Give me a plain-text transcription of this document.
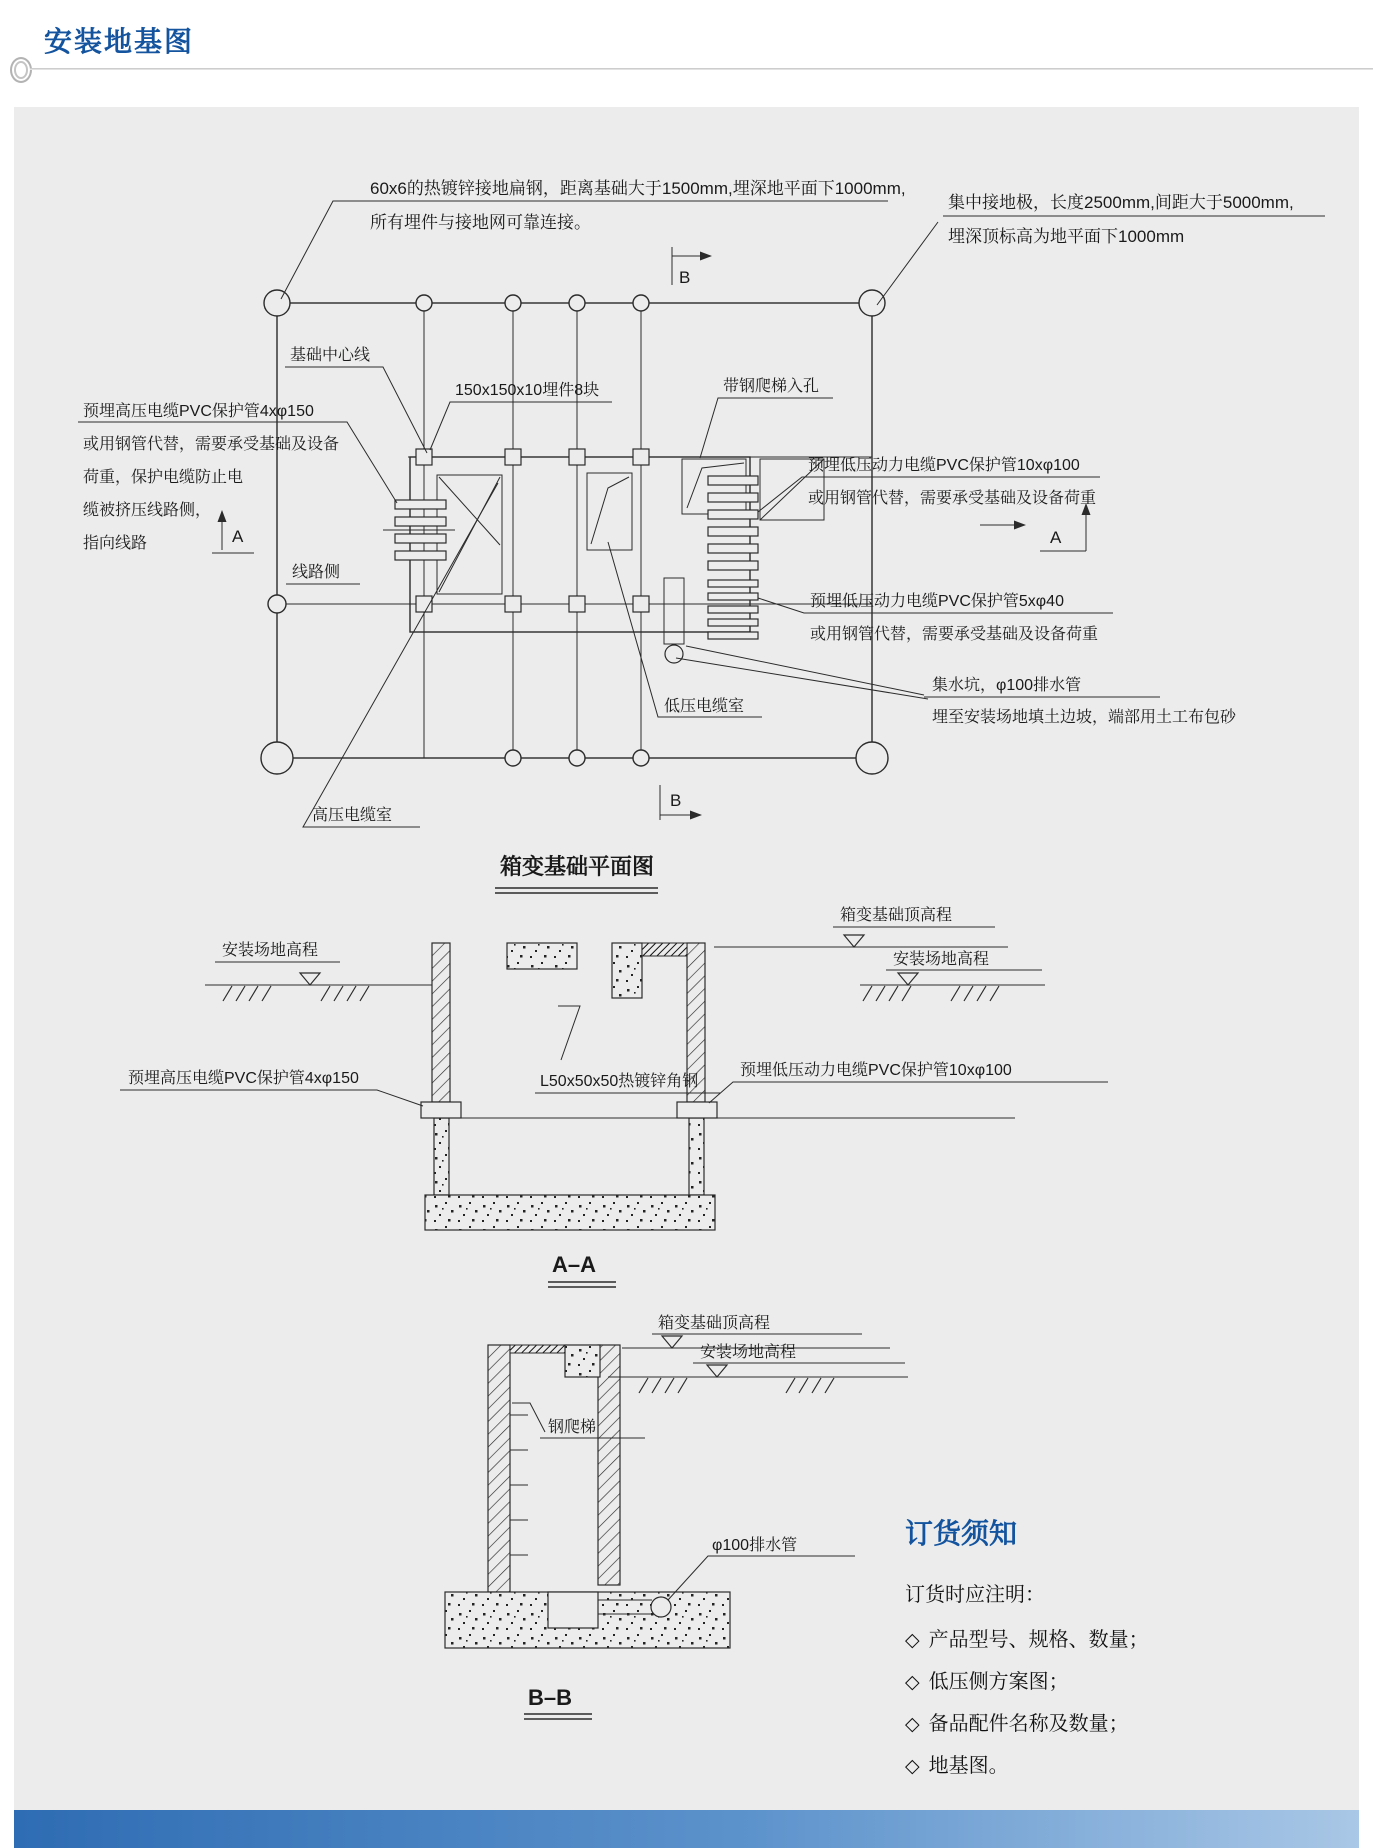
安装地基图
60x6的热镀锌接地扁钢，距离基础大于1500mm,埋深地平面下1000mm,
所有埋件与接地网可靠连接。
集中接地极，长度2500mm,间距大于5000mm,
埋深顶标高为地平面下1000mm
基础中心线
150x150x10埋件8块	带钢爬梯入孔
预埋高压电缆PVC保护管4xφ150
或用钢管代替，需要承受基础及设备
荷重，保护电缆防止电
缆被挤压线路侧，
指向线路
线路侧
预埋低压动力电缆PVC保护管10xφ100
或用钢管代替，需要承受基础及设备荷重
预埋低压动力电缆PVC保护管5xφ40
或用钢管代替，需要承受基础及设备荷重
集水坑，φ100排水管
埋至安装场地填土边坡，端部用土工布包砂
低压电缆室
高压电缆室
B
B
A	A
箱变基础平面图
安装场地高程
箱变基础顶高程
安装场地高程
L50x50x50热镀锌角钢
预埋高压电缆PVC保护管4xφ150	预埋低压动力电缆PVC保护管10xφ100
A–A
箱变基础顶高程
安装场地高程
钢爬梯
φ100排水管
B–B
订货须知
订货时应注明：
◇ 产品型号、规格、数量；
◇ 低压侧方案图；
◇ 备品配件名称及数量；
◇ 地基图。
